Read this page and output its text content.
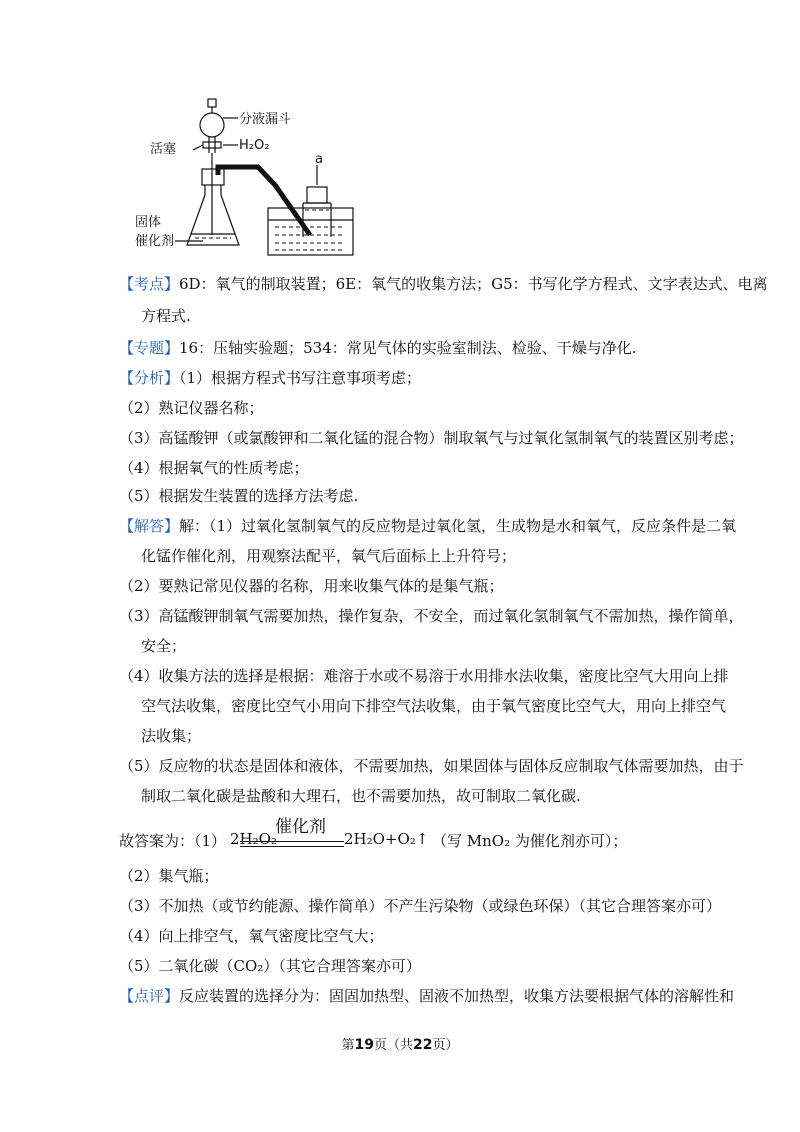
分液漏斗
H₂O₂
活塞
固体
催化剂
a
【考点】6D：氧气的制取装置；6E：氧气的收集方法；G5：书写化学方程式、文字表达式、电离
方程式.
【专题】16：压轴实验题；534：常见气体的实验室制法、检验、干燥与净化.
【分析】（1）根据方程式书写注意事项考虑；
（2）熟记仪器名称；
（3）高锰酸钾（或氯酸钾和二氧化锰的混合物）制取氧气与过氧化氢制氧气的装置区别考虑；
（4）根据氧气的性质考虑；
（5）根据发生装置的选择方法考虑.
【解答】解：（1）过氧化氢制氧气的反应物是过氧化氢，生成物是水和氧气，反应条件是二氧
化锰作催化剂，用观察法配平，氧气后面标上上升符号；
（2）要熟记常见仪器的名称，用来收集气体的是集气瓶；
（3）高锰酸钾制氧气需要加热，操作复杂，不安全，而过氧化氢制氧气不需加热，操作简单，
安全；
（4）收集方法的选择是根据：难溶于水或不易溶于水用排水法收集，密度比空气大用向上排
空气法收集，密度比空气小用向下排空气法收集，由于氧气密度比空气大，用向上排空气
法收集；
（5）反应物的状态是固体和液体，不需要加热，如果固体与固体反应制取气体需要加热，由于
制取二氧化碳是盐酸和大理石，也不需要加热，故可制取二氧化碳.
故答案为：（1） 2H₂O₂
催化剂
2H₂O+O₂↑ （写 MnO₂ 为催化剂亦可）；
（2）集气瓶；
（3）不加热（或节约能源、操作简单）不产生污染物（或绿色环保）（其它合理答案亦可）
（4）向上排空气，氧气密度比空气大；
（5）二氧化碳（CO₂）（其它合理答案亦可）
【点评】反应装置的选择分为：固固加热型、固液不加热型，收集方法要根据气体的溶解性和
第19页（共22页）
